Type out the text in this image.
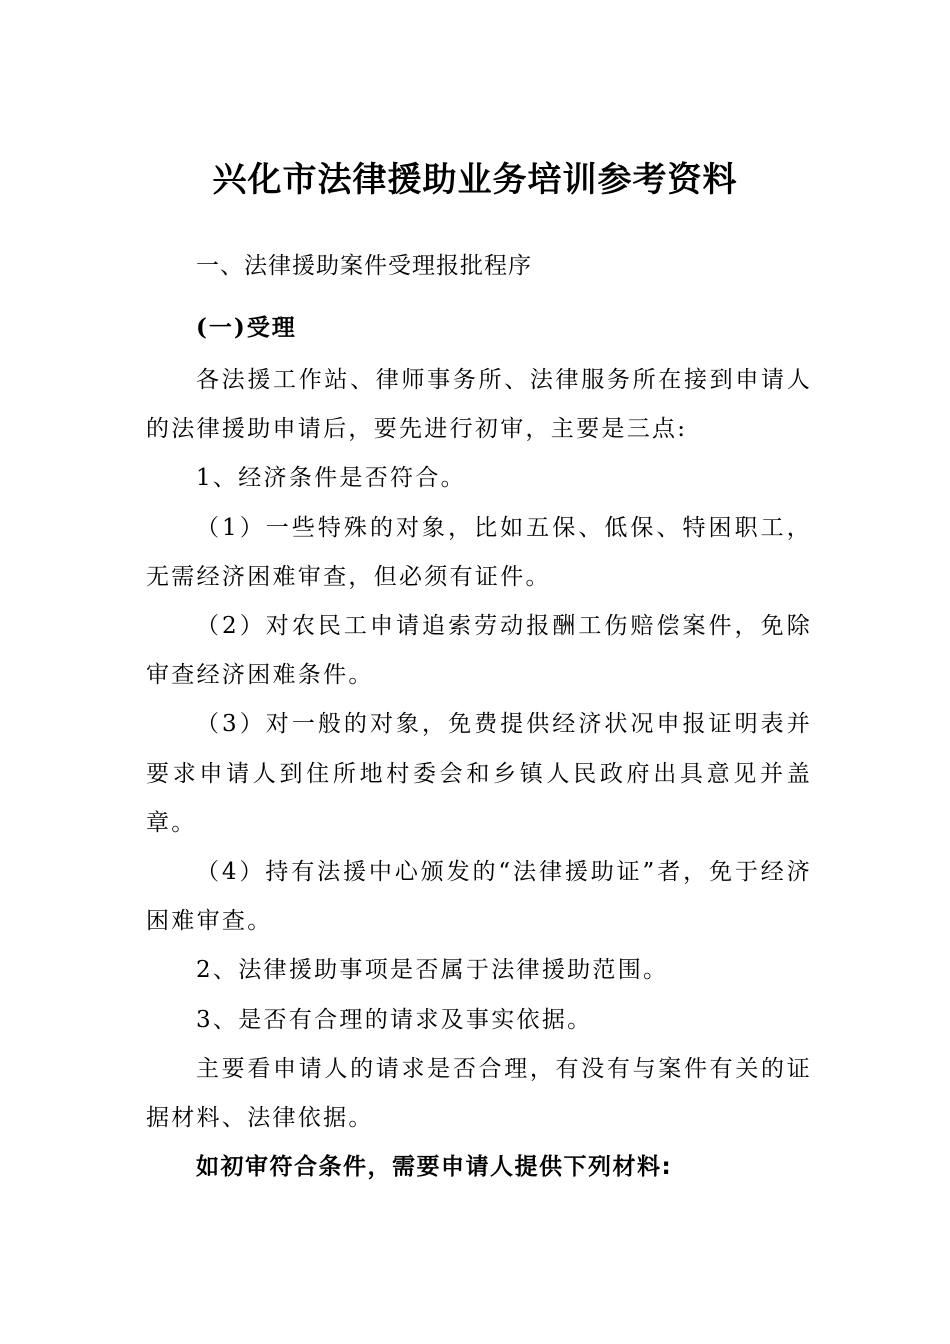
兴化市法律援助业务培训参考资料
一、法律援助案件受理报批程序
(一)受理

各法援工作站、律师事务所、法律服务所在接到申请人的法律援助申请后，要先进行初审，主要是三点:

1、经济条件是否符合。

（1）一些特殊的对象，比如五保、低保、特困职工，无需经济困难审查，但必须有证件。

（2）对农民工申请追索劳动报酬工伤赔偿案件，免除审查经济困难条件。

（3）对一般的对象，免费提供经济状况申报证明表并要求申请人到住所地村委会和乡镇人民政府出具意见并盖章。

（4）持有法援中心颁发的“法律援助证”者，免于经济困难审查。

2、法律援助事项是否属于法律援助范围。

3、是否有合理的请求及事实依据。

主要看申请人的请求是否合理，有没有与案件有关的证据材料、法律依据。

如初审符合条件，需要申请人提供下列材料:
